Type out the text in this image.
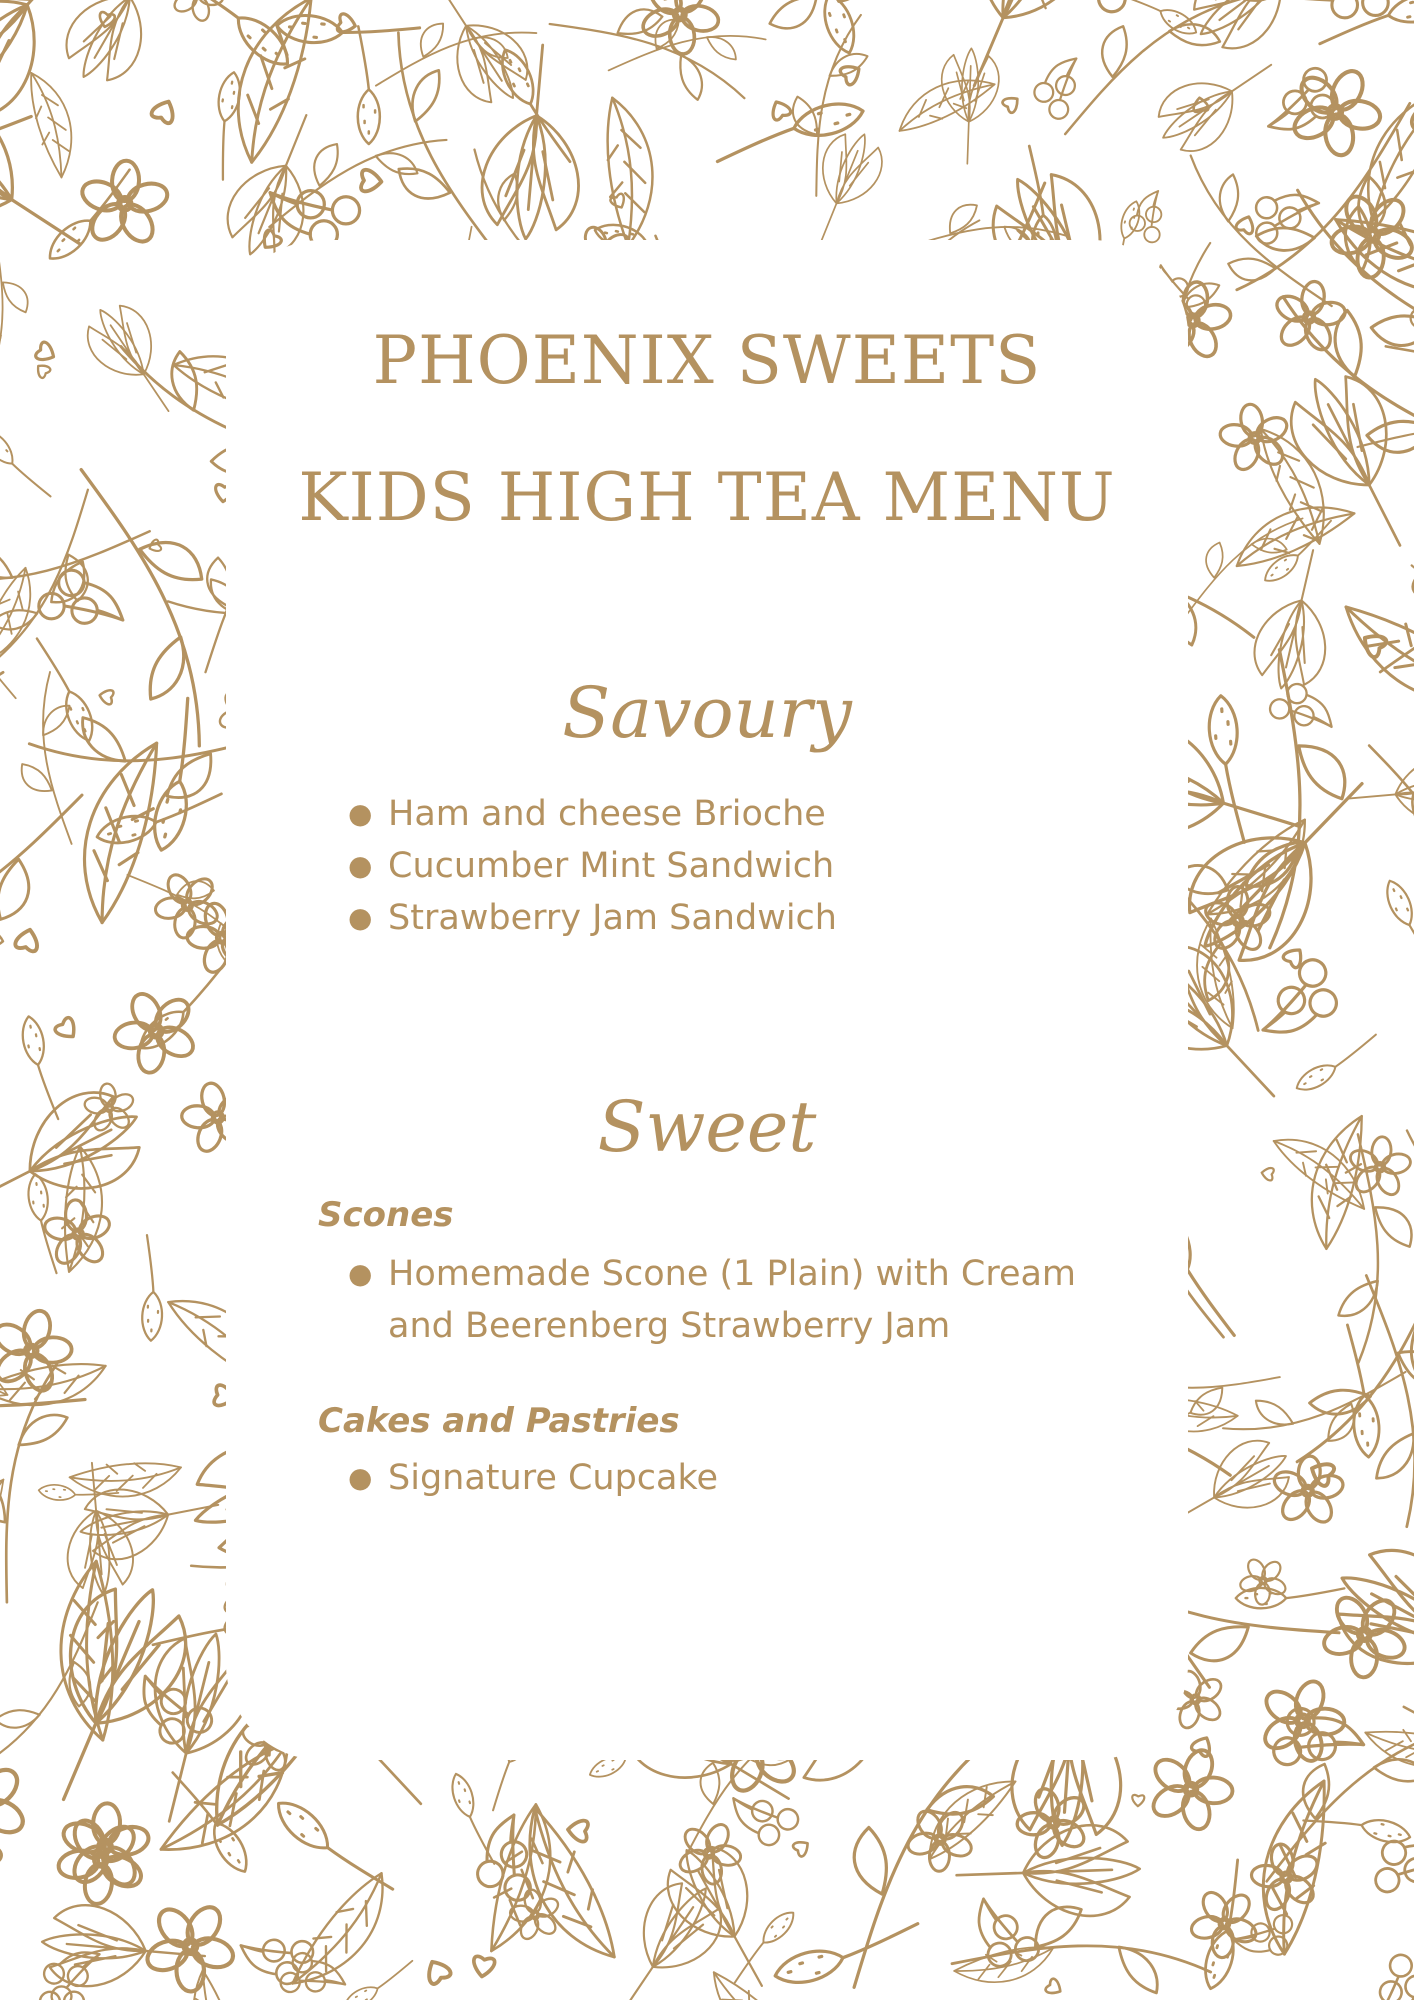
PHOENIX SWEETS
KIDS HIGH TEA MENU
Savoury
● Ham and cheese Brioche
● Cucumber Mint Sandwich
● Strawberry Jam Sandwich
Sweet
Scones
● Homemade Scone (1 Plain) with Cream
and Beerenberg Strawberry Jam
Cakes and Pastries
● Signature Cupcake
